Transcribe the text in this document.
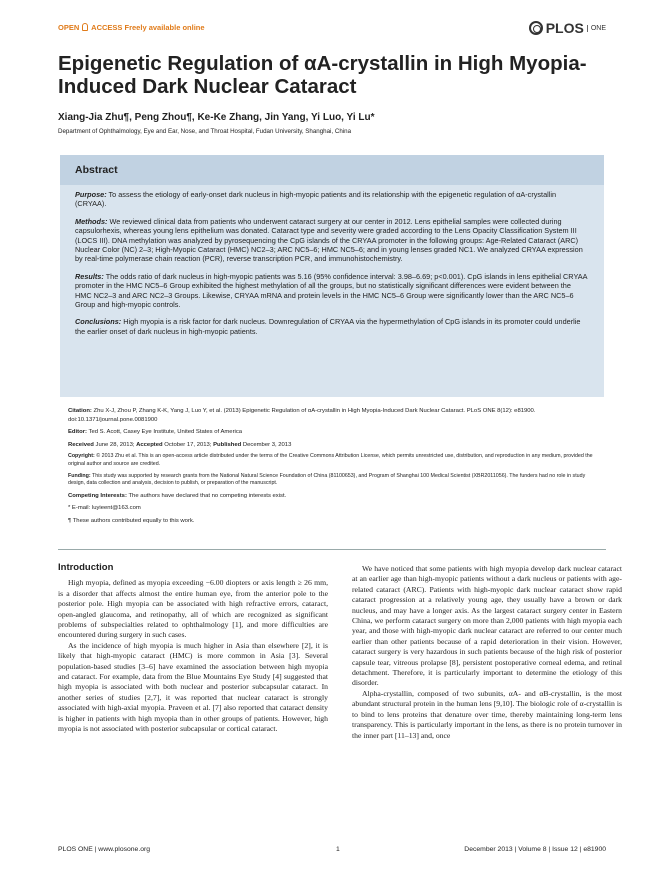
OPEN ACCESS Freely available online	PLOS	ONE
Epigenetic Regulation of αA-crystallin in High Myopia-Induced Dark Nuclear Cataract
Xiang-Jia Zhu¶, Peng Zhou¶, Ke-Ke Zhang, Jin Yang, Yi Luo, Yi Lu*
Department of Ophthalmology, Eye and Ear, Nose, and Throat Hospital, Fudan University, Shanghai, China
Abstract

Purpose: To assess the etiology of early-onset dark nucleus in high-myopic patients and its relationship with the epigenetic regulation of αA-crystallin (CRYAA).

Methods: We reviewed clinical data from patients who underwent cataract surgery at our center in 2012. Lens epithelial samples were collected during capsulorhexis, whereas young lens epithelium was donated. Cataract type and severity were graded according to the Lens Opacity Classification System III (LOCS III). DNA methylation was analyzed by pyrosequencing the CpG islands of the CRYAA promoter in the following groups: Age-Related Cataract (ARC) Nuclear Color (NC) 2–3; High-Myopic Cataract (HMC) NC2–3; ARC NC5–6; HMC NC5–6; and in young lenses graded NC1. We analyzed CRYAA expression by real-time polymerase chain reaction (PCR), reverse transcription PCR, and immunohistochemistry.

Results: The odds ratio of dark nucleus in high-myopic patients was 5.16 (95% confidence interval: 3.98–6.69; p<0.001). CpG islands in lens epithelial CRYAA promoter in the HMC NC5–6 Group exhibited the highest methylation of all the groups, but no statistically significant differences were evident between the HMC NC2–3 and ARC NC2–3 Groups. Likewise, CRYAA mRNA and protein levels in the HMC NC5–6 Group were significantly lower than the ARC NC5–6 Group and high-myopic controls.

Conclusions: High myopia is a risk factor for dark nucleus. Downregulation of CRYAA via the hypermethylation of CpG islands in its promoter could underlie the earlier onset of dark nucleus in high-myopic patients.

Citation: Zhu X-J, Zhou P, Zhang K-K, Yang J, Luo Y, et al. (2013) Epigenetic Regulation of αA-crystallin in High Myopia-Induced Dark Nuclear Cataract. PLoS ONE 8(12): e81900. doi:10.1371/journal.pone.0081900
Editor: Ted S. Acott, Casey Eye Institute, United States of America
Received June 28, 2013; Accepted October 17, 2013; Published December 3, 2013
Copyright: © 2013 Zhu et al. This is an open-access article distributed under the terms of the Creative Commons Attribution License, which permits unrestricted use, distribution, and reproduction in any medium, provided the original author and source are credited.
Funding: This study was supported by research grants from the National Natural Science Foundation of China (81100653), and Program of Shanghai 100 Medical Scientist (XBR2011056). The funders had no role in study design, data collection and analysis, decision to publish, or preparation of the manuscript.
Competing Interests: The authors have declared that no competing interests exist.
* E-mail: luyieent@163.com
¶ These authors contributed equally to this work.
Introduction

High myopia, defined as myopia exceeding −6.00 diopters or axis length ≥ 26 mm, is a disorder that affects almost the entire human eye, from the anterior pole to the posterior pole. High myopia can be associated with high refractive errors, cataract, open-angled glaucoma, and retinopathy, all of which are recognized as significant problems of subspecialties related to ophthalmology [1], and more difficulties are encountered during surgery in such cases.

As the incidence of high myopia is much higher in Asia than elsewhere [2], it is likely that high-myopic cataract (HMC) is more common in Asia [3]. Several population-based studies [3–6] have examined the association between high myopia and cataract. For example, data from the Blue Mountains Eye Study [4] suggested that high myopia is associated with both nuclear and posterior subcapsular cataract. In another series of studies [2,7], it was reported that nuclear cataract is strongly associated with high-axial myopia. Praveen et al. [7] also reported that cataract density is higher in patients with high myopia than in other groups of patients. However, high myopia is not associated with posterior subcapsular or cortical cataract.

We have noticed that some patients with high myopia develop dark nuclear cataract at an earlier age than high-myopic patients without a dark nucleus or patients with age-related cataract (ARC). Patients with high-myopic dark nuclear cataract show rapid cataract progression at a relatively young age, they usually have a brown or dark nucleus, and may have a longer axis. As the largest cataract surgery center in Eastern China, we perform cataract surgery on more than 2,000 patients with high myopia each year, and those with high-myopic dark nuclear cataract are referred to our center much earlier than other patients because of a rapid deterioration in their vision. However, cataract surgery is very hazardous in such patients because of the high risk of posterior capsule tear, vitreous prolapse [8], persistent postoperative corneal edema, and retinal detachment. Therefore, it is particularly important to determine the etiology of this disorder.

Alpha-crystallin, composed of two subunits, αA- and αB-crystallin, is the most abundant structural protein in the human lens [9,10]. The biologic role of α-crystallin is to bind to lens proteins that denature over time, thereby maintaining long-term lens transparency. This is particularly important in the lens, as there is no protein turnover in the inner part [11–13] and, once

PLOS ONE | www.plosone.org	1	December 2013 | Volume 8 | Issue 12 | e81900
